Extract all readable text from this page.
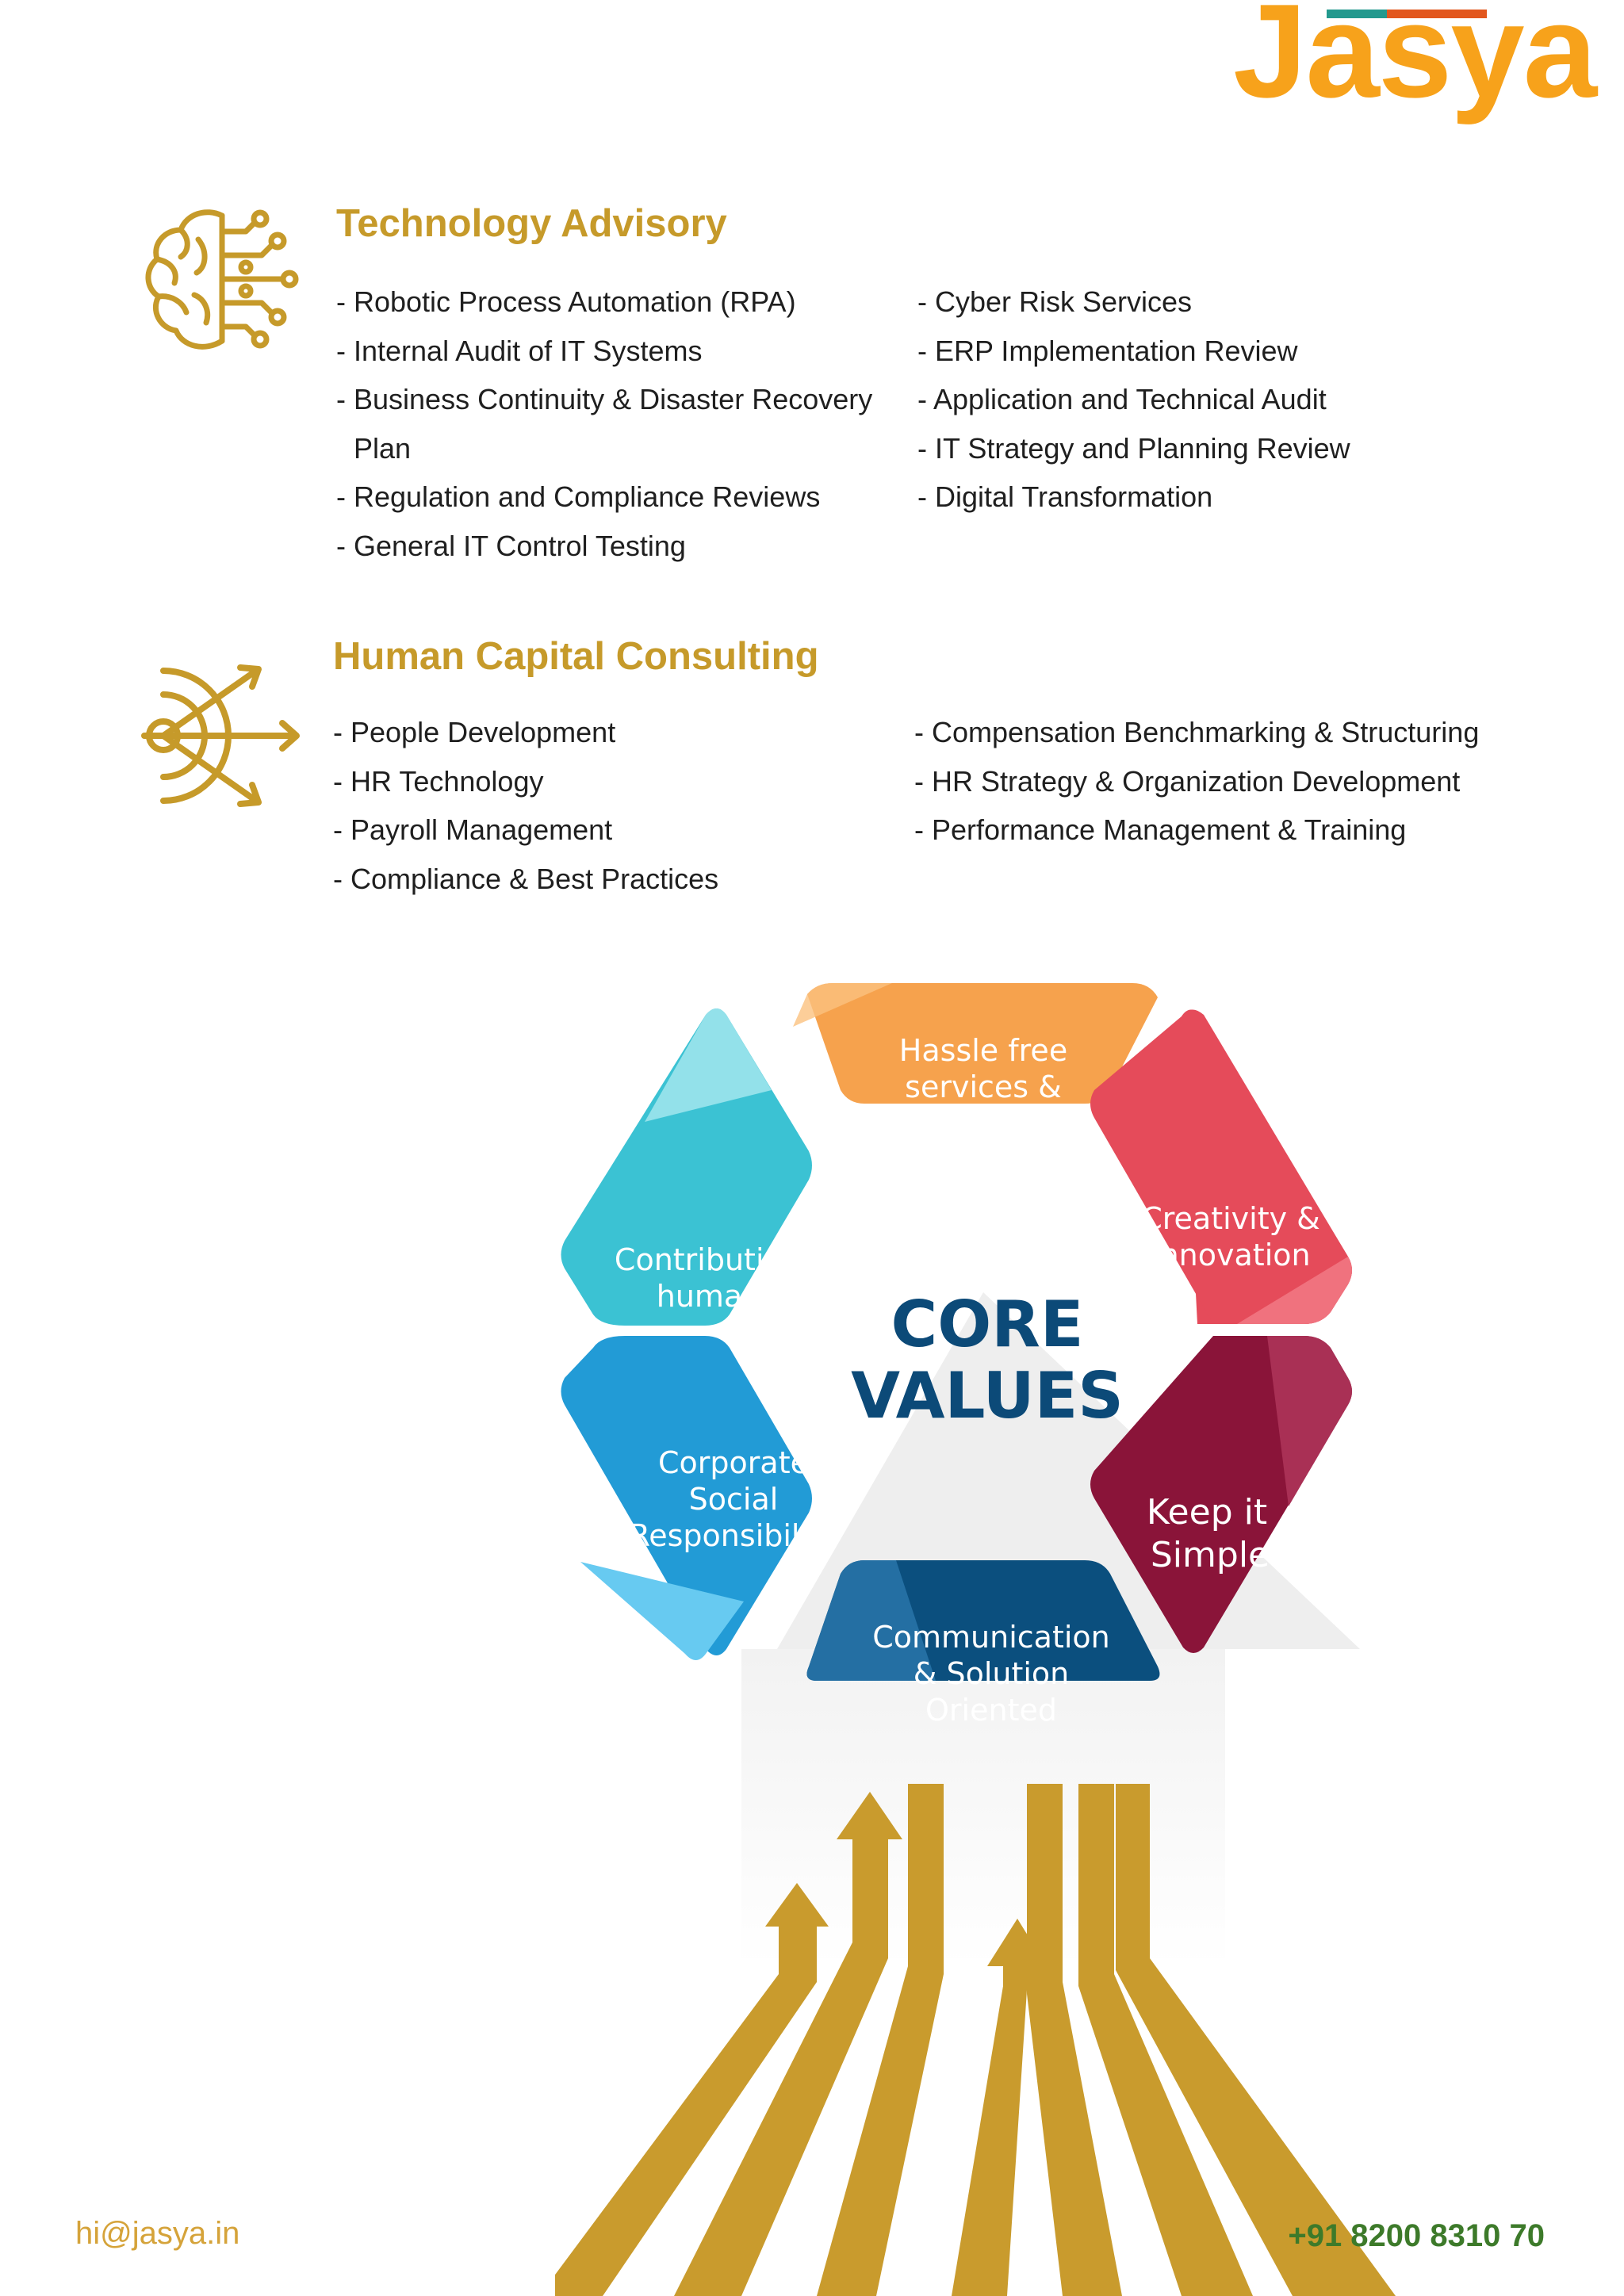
Jasya
Technology Advisory
- Robotic Process Automation (RPA)
- Internal Audit of IT Systems
- Business Continuity & Disaster Recovery
Plan
- Regulation and Compliance Reviews
- General IT Control Testing
- Cyber Risk Services
- ERP Implementation Review
- Application and Technical Audit
- IT Strategy and Planning Review
- Digital Transformation
Human Capital Consulting
- People Development
- HR Technology
- Payroll Management
- Compliance & Best Practices
- Compensation Benchmarking & Structuring
- HR Strategy & Organization Development
- Performance Management & Training
Hassle free
services &
Solutions
Creativity &
Innovation
Keep it
Simple
Communication
& Solution
Oriented
Corporate
Social
Responsibility
Contribution to
humanity CORE
VALUES
hi@jasya.in	+91 8200 8310 70
